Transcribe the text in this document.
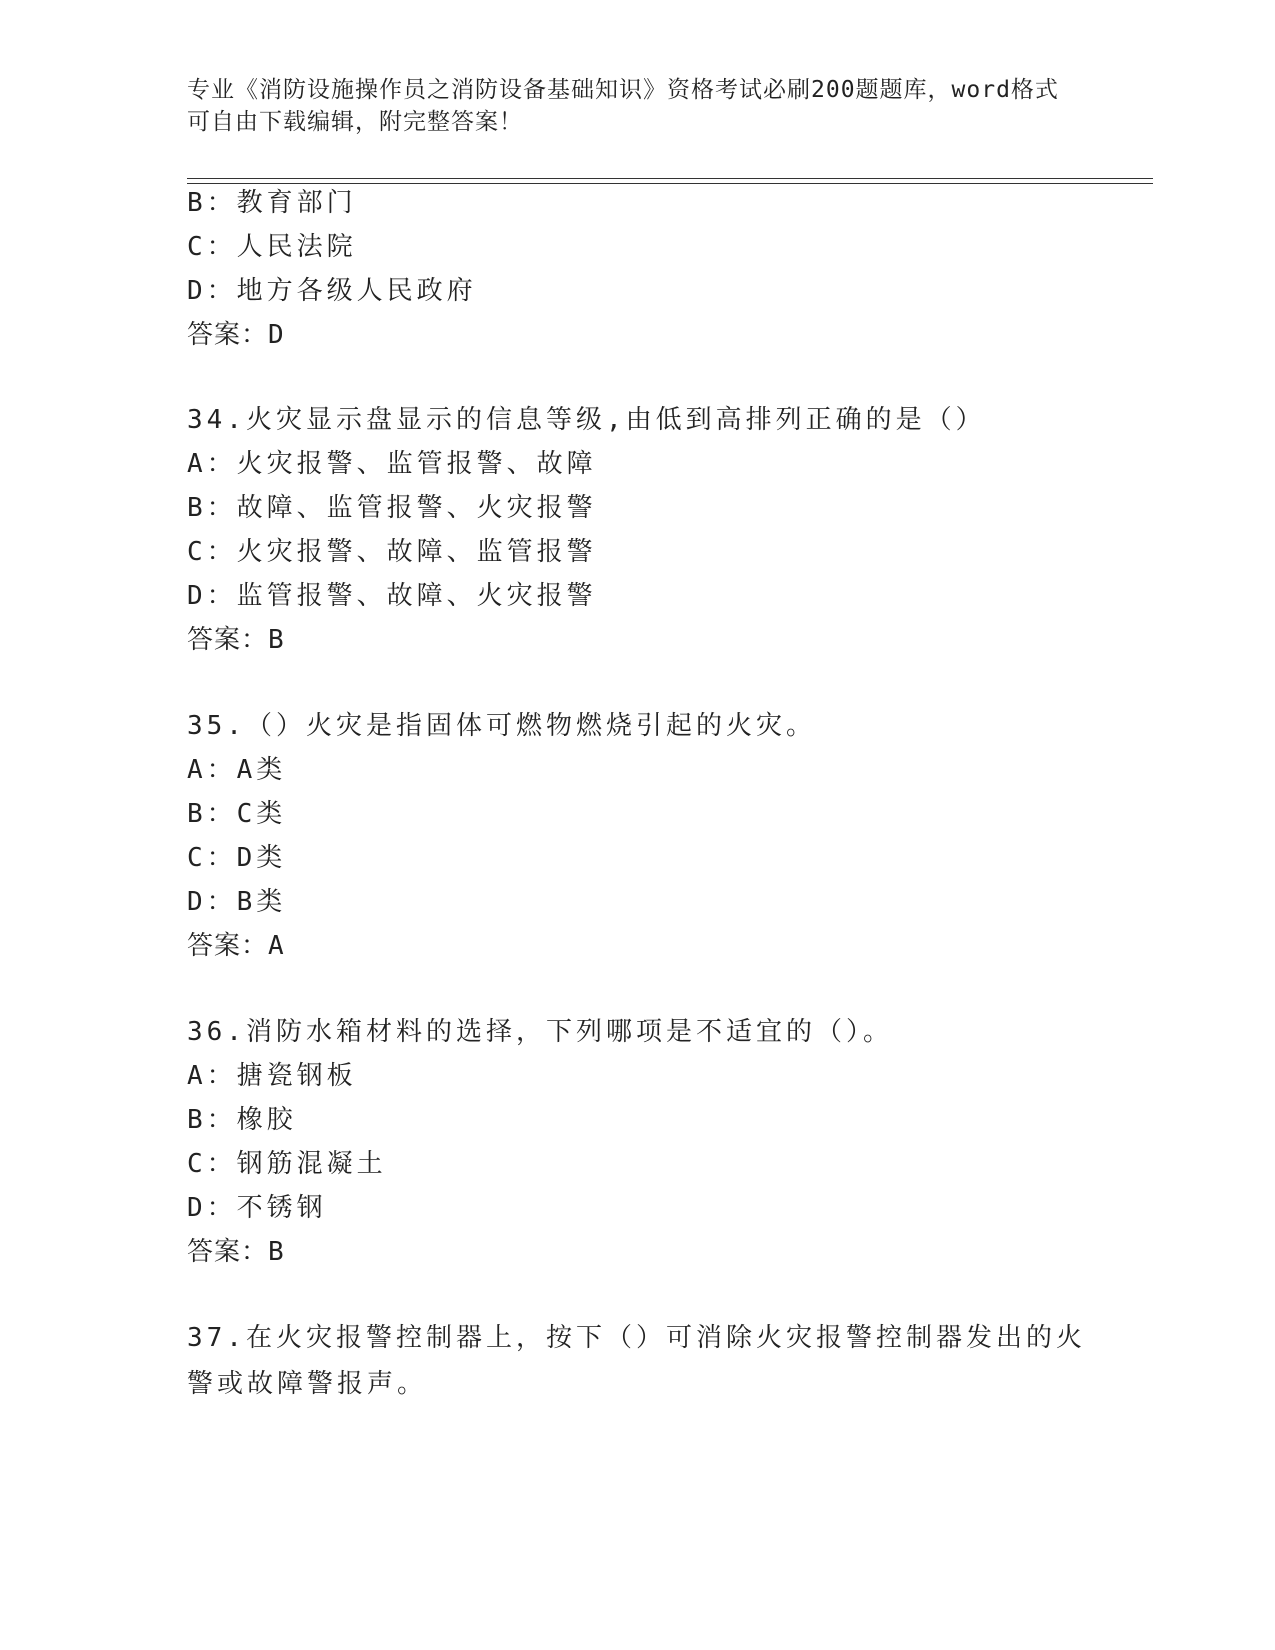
专业《消防设施操作员之消防设备基础知识》资格考试必刷200题题库，word格式可自由下载编辑，附完整答案！
B：教育部门
C：人民法院
D：地方各级人民政府
答案：D
34.火灾显示盘显示的信息等级,由低到高排列正确的是（）
A：火灾报警、监管报警、故障
B：故障、监管报警、火灾报警
C：火灾报警、故障、监管报警
D：监管报警、故障、火灾报警
答案：B
35.（）火灾是指固体可燃物燃烧引起的火灾。
A：A类
B：C类
C：D类
D：B类
答案：A
36.消防水箱材料的选择，下列哪项是不适宜的（）。
A：搪瓷钢板
B：橡胶
C：钢筋混凝土
D：不锈钢
答案：B
37.在火灾报警控制器上，按下（）可消除火灾报警控制器发出的火警或故障警报声。
